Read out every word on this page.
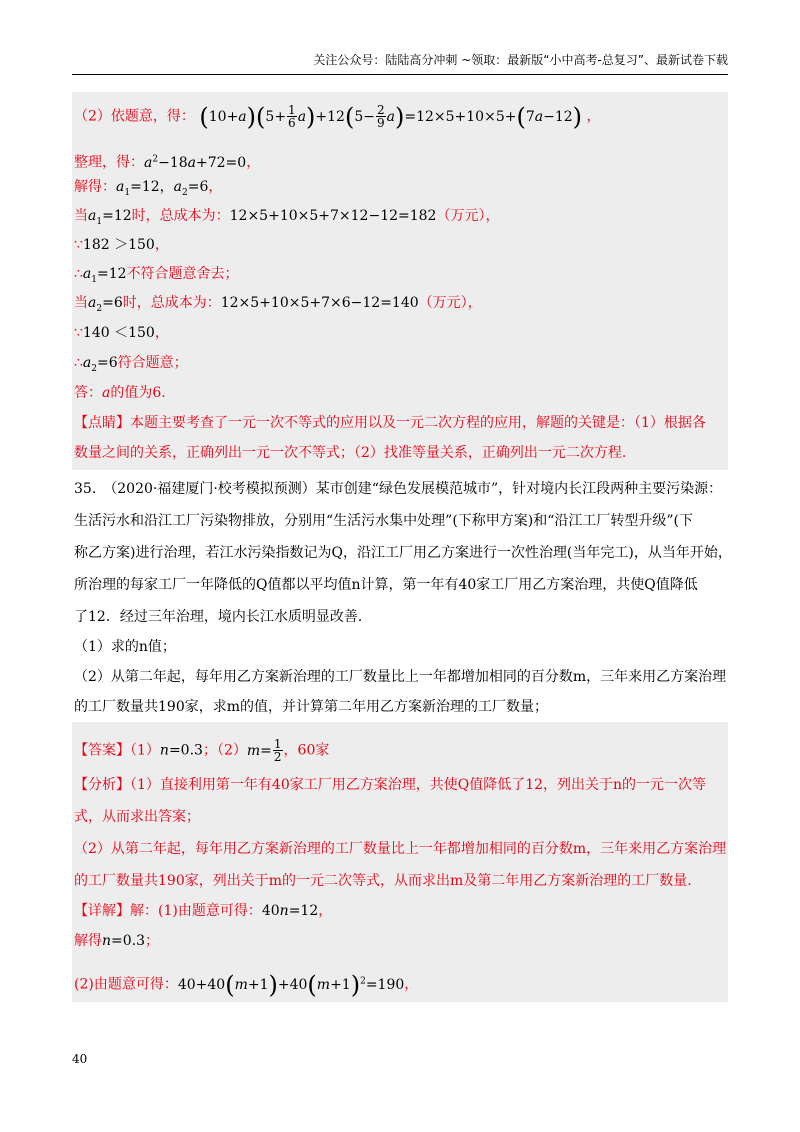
关注公众号：陆陆高分冲刺 ~领取：最新版“小中高考-总复习”、最新试卷下载
（2）依题意，得： $(10+a)(5+ \frac{1}{6} a)+12(5- \frac{2}{9} a)=12\times 5+10\times 5+(7a-12)$ ，
整理，得：$a^2-18a+72=0$，
解得：$a_1=12$，$a_2=6$，
当$a_1=12$时，总成本为：12×5+10×5+7×12−12=182（万元），
∵182 ＞150，
$\therefore a_1=12$不符合题意舍去；
当$a_2=6$时，总成本为：12×5+10×5+7×6−12=140（万元），
∵140 ＜150，
$\therefore a_2=6$符合题意；
答：a的值为6.
【点睛】本题主要考查了一元一次不等式的应用以及一元二次方程的应用，解题的关键是：（1）根据各
数量之间的关系，正确列出一元一次不等式；（2）找准等量关系，正确列出一元二次方程.
35.　（2020·福建厦门·校考模拟预测）某市创建“绿色发展模范城市”，针对境内长江段两种主要污染源：
生活污水和沿江工厂污染物排放，分别用“生活污水集中处理”(下称甲方案)和“沿江工厂转型升级”(下
称乙方案)进行治理，若江水污染指数记为Q，沿江工厂用乙方案进行一次性治理(当年完工)，从当年开始，
所治理的每家工厂一年降低的Q值都以平均值n计算，第一年有40家工厂用乙方案治理，共使Q值降低
了12．经过三年治理，境内长江水质明显改善．
（1）求的n值；
（2）从第二年起，每年用乙方案新治理的工厂数量比上一年都增加相同的百分数m，三年来用乙方案治理
的工厂数量共190家，求m的值，并计算第二年用乙方案新治理的工厂数量；
【答案】（1）n=0.3；$(2)m= \frac{1}{2}$ ，60家
【分析】（1）直接利用第一年有40家工厂用乙方案治理，共使Q值降低了12，列出关于n的一元一次等
式，从而求出答案；
（2）从第二年起，每年用乙方案新治理的工厂数量比上一年都增加相同的百分数m，三年来用乙方案治理
的工厂数量共190家，列出关于m的一元二次等式，从而求出m及第二年用乙方案新治理的工厂数量.
【详解】解：(1)由题意可得：40n=12，
解得n=0.3；
(2)由题意可得：$40+40(m+1)+40(m+1)^2=190$，
40
